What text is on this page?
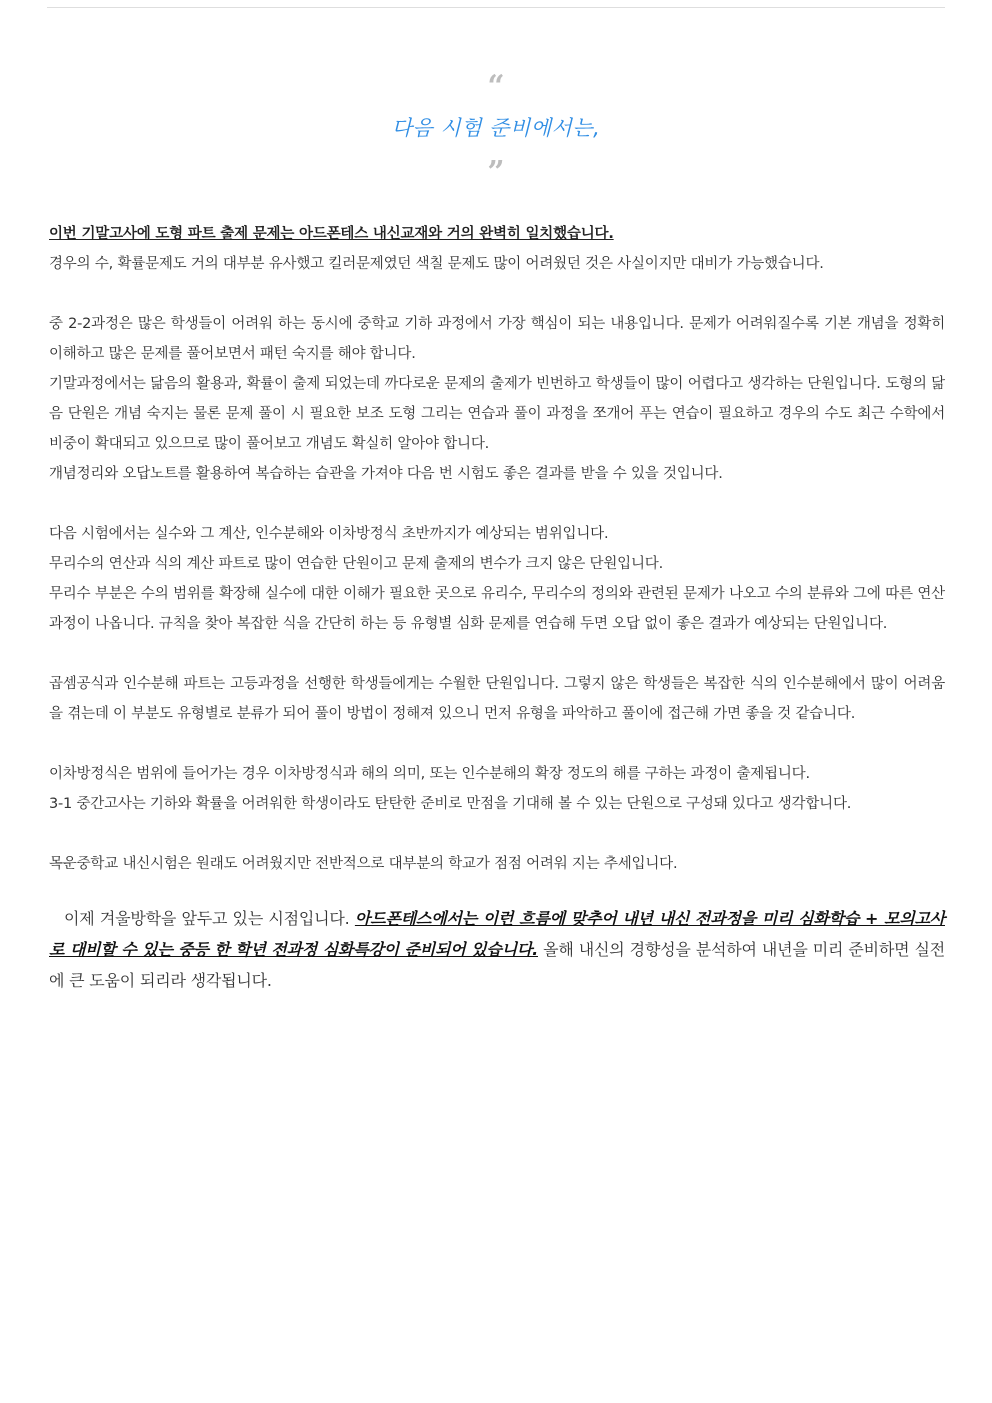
“
다음 시험 준비에서는,
”

이번 기말고사에 도형 파트 출제 문제는 아드폰테스 내신교재와 거의 완벽히 일치했습니다.

경우의 수, 확률문제도 거의 대부분 유사했고 킬러문제였던 색칠 문제도 많이 어려웠던 것은 사실이지만 대비가 가능했습니다.

중 2-2과정은 많은 학생들이 어려워 하는 동시에 중학교 기하 과정에서 가장 핵심이 되는 내용입니다. 문제가 어려워질수록 기본 개념을 정확히 이해하고 많은 문제를 풀어보면서 패턴 숙지를 해야 합니다.

기말과정에서는 닮음의 활용과, 확률이 출제 되었는데 까다로운 문제의 출제가 빈번하고 학생들이 많이 어렵다고 생각하는 단원입니다. 도형의 닮음 단원은 개념 숙지는 물론 문제 풀이 시 필요한 보조 도형 그리는 연습과 풀이 과정을 쪼개어 푸는 연습이 필요하고 경우의 수도 최근 수학에서 비중이 확대되고 있으므로 많이 풀어보고 개념도 확실히 알아야 합니다.

개념정리와 오답노트를 활용하여 복습하는 습관을 가져야 다음 번 시험도 좋은 결과를 받을 수 있을 것입니다.

다음 시험에서는 실수와 그 계산, 인수분해와 이차방정식 초반까지가 예상되는 범위입니다.

무리수의 연산과 식의 계산 파트로 많이 연습한 단원이고 문제 출제의 변수가 크지 않은 단원입니다.

무리수 부분은 수의 범위를 확장해 실수에 대한 이해가 필요한 곳으로 유리수, 무리수의 정의와 관련된 문제가 나오고 수의 분류와 그에 따른 연산 과정이 나옵니다. 규칙을 찾아 복잡한 식을 간단히 하는 등 유형별 심화 문제를 연습해 두면 오답 없이 좋은 결과가 예상되는 단원입니다.

곱셈공식과 인수분해 파트는 고등과정을 선행한 학생들에게는 수월한 단원입니다. 그렇지 않은 학생들은 복잡한 식의 인수분해에서 많이 어려움을 겪는데 이 부분도 유형별로 분류가 되어 풀이 방법이 정해져 있으니 먼저 유형을 파악하고 풀이에 접근해 가면 좋을 것 같습니다.

이차방정식은 범위에 들어가는 경우 이차방정식과 해의 의미, 또는 인수분해의 확장 정도의 해를 구하는 과정이 출제됩니다.

3-1 중간고사는 기하와 확률을 어려워한 학생이라도 탄탄한 준비로 만점을 기대해 볼 수 있는 단원으로 구성돼 있다고 생각합니다.

목운중학교 내신시험은 원래도 어려웠지만 전반적으로 대부분의 학교가 점점 어려워 지는 추세입니다.

이제 겨울방학을 앞두고 있는 시점입니다. 아드폰테스에서는 이런 흐름에 맞추어 내년 내신 전과정을 미리 심화학습 + 모의고사로 대비할 수 있는 중등 한 학년 전과정 심화특강이 준비되어 있습니다. 올해 내신의 경향성을 분석하여 내년을 미리 준비하면 실전에 큰 도움이 되리라 생각됩니다.
